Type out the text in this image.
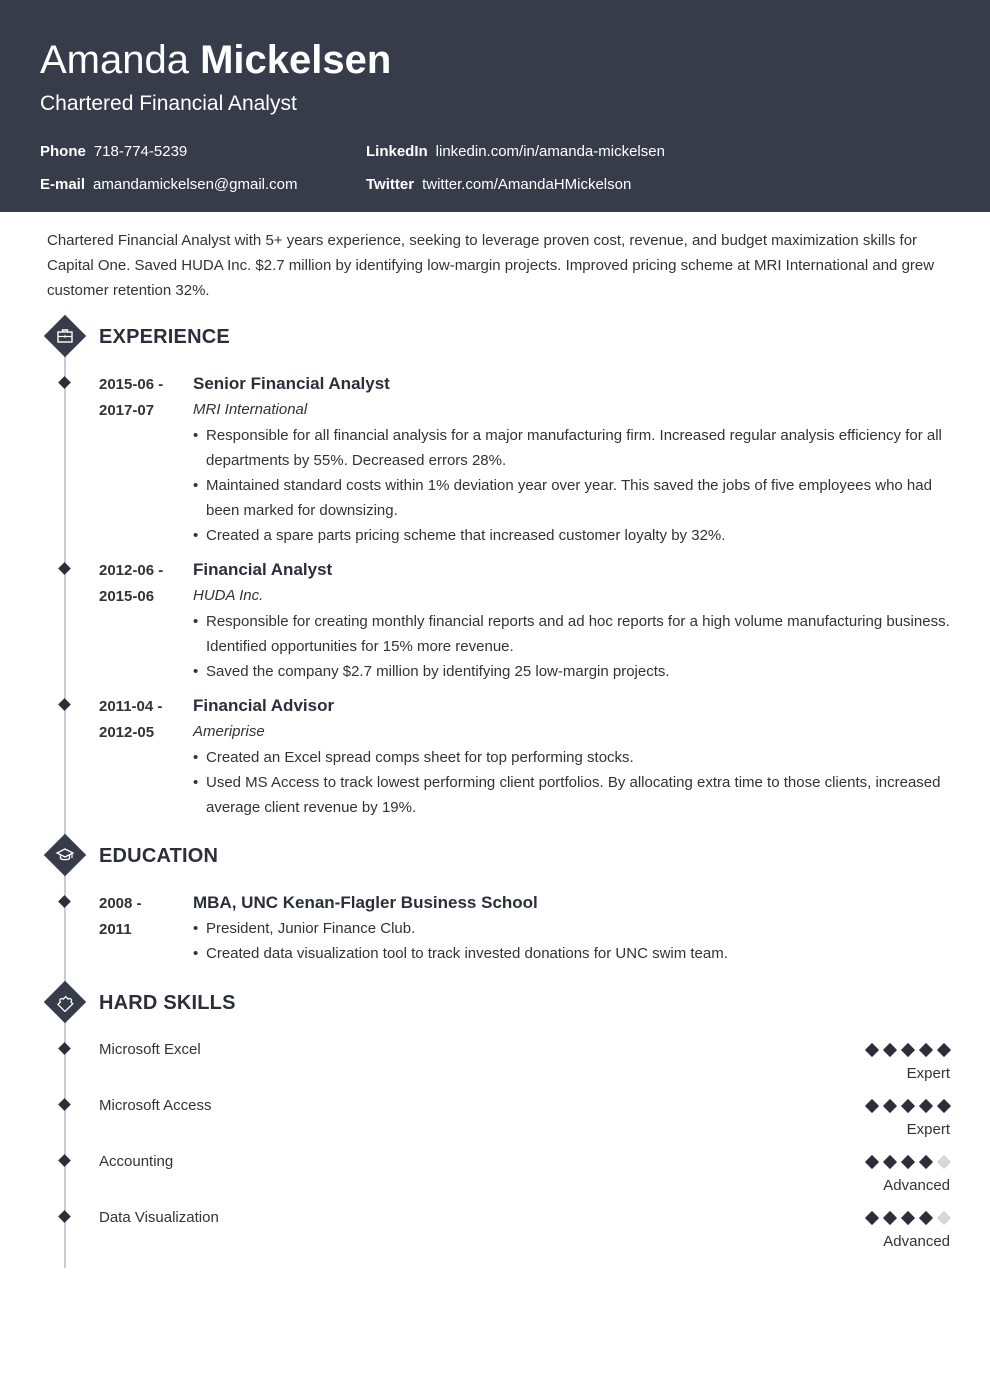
Amanda Mickelsen
Chartered Financial Analyst
Phone 718-774-5239	LinkedIn linkedin.com/in/amanda-mickelsen
E-mail amandamickelsen@gmail.com	Twitter twitter.com/AmandaHMickelson
Chartered Financial Analyst with 5+ years experience, seeking to leverage proven cost, revenue, and budget maximization skills for Capital One. Saved HUDA Inc. $2.7 million by identifying low-margin projects. Improved pricing scheme at MRI International and grew customer retention 32%.
EXPERIENCE
2015-06 -
2017-07
Senior Financial Analyst
MRI International
• Responsible for all financial analysis for a major manufacturing firm. Increased regular analysis efficiency for all departments by 55%. Decreased errors 28%.
• Maintained standard costs within 1% deviation year over year. This saved the jobs of five employees who had been marked for downsizing.
• Created a spare parts pricing scheme that increased customer loyalty by 32%.
2012-06 -
2015-06
Financial Analyst
HUDA Inc.
• Responsible for creating monthly financial reports and ad hoc reports for a high volume manufacturing business. Identified opportunities for 15% more revenue.
• Saved the company $2.7 million by identifying 25 low-margin projects.
2011-04 -
2012-05
Financial Advisor
Ameriprise
• Created an Excel spread comps sheet for top performing stocks.
• Used MS Access to track lowest performing client portfolios. By allocating extra time to those clients, increased average client revenue by 19%.
EDUCATION
2008 -
2011
MBA, UNC Kenan-Flagler Business School
• President, Junior Finance Club.
• Created data visualization tool to track invested donations for UNC swim team.
HARD SKILLS
Microsoft Excel
Expert
Microsoft Access
Expert
Accounting
Advanced
Data Visualization
Advanced
